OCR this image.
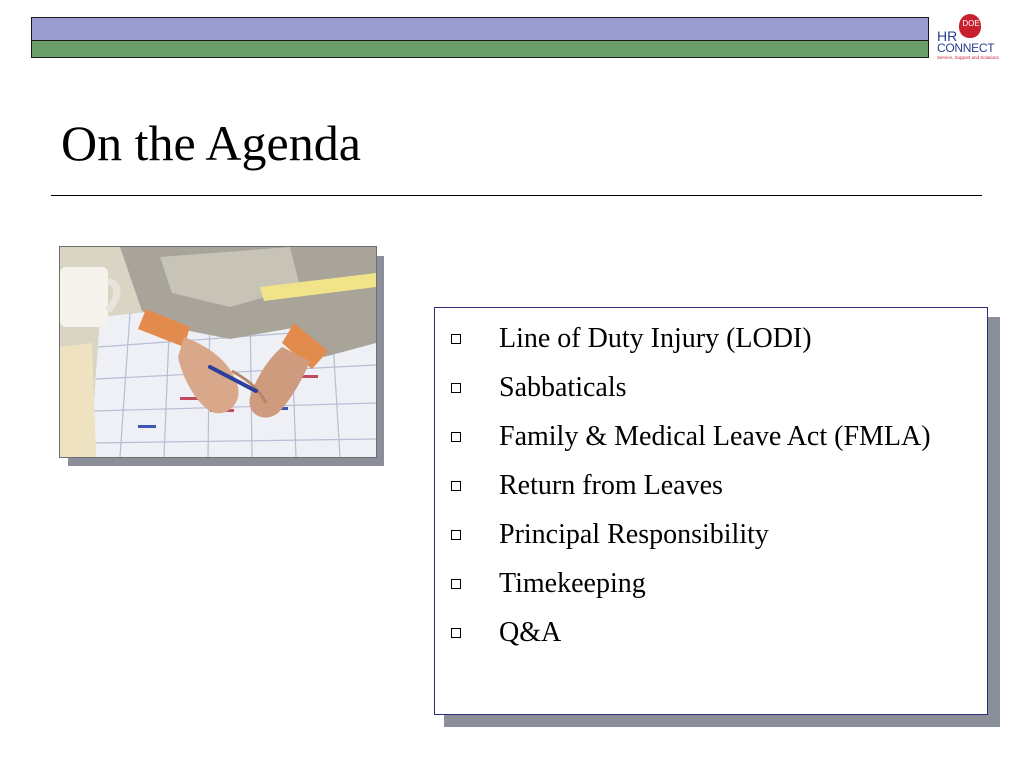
DOE
HR
CONNECT
Service, Support and Solutions
On the Agenda
Line of Duty Injury (LODI)
Sabbaticals
Family & Medical Leave Act (FMLA)
Return from Leaves
Principal Responsibility
Timekeeping
Q&A
